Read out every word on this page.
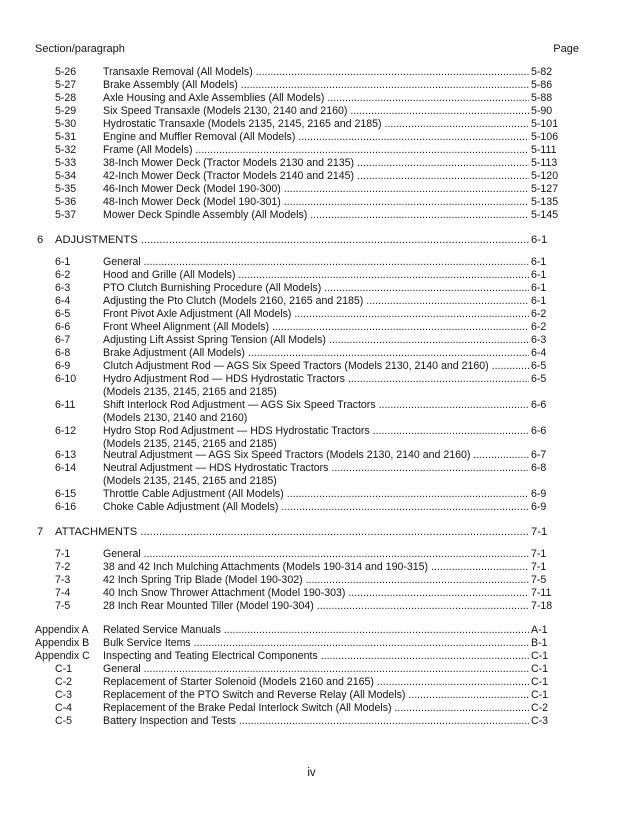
Section/paragraph	Page
5-26	Transaxle Removal (All Models) .....	5-82
5-27	Brake Assembly (All Models) .....	5-86
5-28	Axle Housing and Axle Assemblies (All Models) .....	5-88
5-29	Six Speed Transaxle (Models 2130, 2140 and 2160) .....	5-90
5-30	Hydrostatic Transaxle (Models 2135, 2145, 2165 and 2185) .....	5-101
5-31	Engine and Muffler Removal (All Models) .....	5-106
5-32	Frame (All Models) .....	5-111
5-33	38-Inch Mower Deck (Tractor Models 2130 and 2135) .....	5-113
5-34	42-Inch Mower Deck (Tractor Models 2140 and 2145) .....	5-120
5-35	46-Inch Mower Deck (Model 190-300) .....	5-127
5-36	48-Inch Mower Deck (Model 190-301) .....	5-135
5-37	Mower Deck Spindle Assembly (All Models) .....	5-145
6 ADJUSTMENTS .....	6-1
6-1	General .....	6-1
6-2	Hood and Grille (All Models) .....	6-1
6-3	PTO Clutch Burnishing Procedure (All Models) .....	6-1
6-4	Adjusting the Pto Clutch (Models 2160, 2165 and 2185) .....	6-1
6-5	Front Pivot Axle Adjustment (All Models) .....	6-2
6-6	Front Wheel Alignment (All Models) .....	6-2
6-7	Adjusting Lift Assist Spring Tension (All Models) .....	6-3
6-8	Brake Adjustment (All Models) .....	6-4
6-9	Clutch Adjustment Rod — AGS Six Speed Tractors (Models 2130, 2140 and 2160) .....	6-5
6-10	Hydro Adjustment Rod — HDS Hydrostatic Tractors .....	6-5
(Models 2135, 2145, 2165 and 2185)
6-11	Shift Interlock Rod Adjustment — AGS Six Speed Tractors .....	6-6
(Models 2130, 2140 and 2160)
6-12	Hydro Stop Rod Adjustment — HDS Hydrostatic Tractors .....	6-6
(Models 2135, 2145, 2165 and 2185)
6-13	Neutral Adjustment — AGS Six Speed Tractors (Models 2130, 2140 and 2160) .....	6-7
6-14	Neutral Adjustment — HDS Hydrostatic Tractors .....	6-8
(Models 2135, 2145, 2165 and 2185)
6-15	Throttle Cable Adjustment (All Models) .....	6-9
6-16	Choke Cable Adjustment (All Models) .....	6-9
7 ATTACHMENTS .....	7-1
7-1	General .....	7-1
7-2	38 and 42 Inch Mulching Attachments (Models 190-314 and 190-315) .....	7-1
7-3	42 Inch Spring Trip Blade (Model 190-302) .....	7-5
7-4	40 Inch Snow Thrower Attachment (Model 190-303) .....	7-11
7-5	28 Inch Rear Mounted Tiller (Model 190-304) .....	7-18
Appendix A Related Service Manuals .....	A-1
Appendix B Bulk Service Items .....	B-1
Appendix C Inspecting and Teating Electrical Components .....	C-1
C-1	General .....	C-1
C-2	Replacement of Starter Solenoid (Models 2160 and 2165) .....	C-1
C-3	Replacement of the PTO Switch and Reverse Relay (All Models) .....	C-1
C-4	Replacement of the Brake Pedal Interlock Switch (All Models) .....	C-2
C-5	Battery Inspection and Tests .....	C-3
iv
